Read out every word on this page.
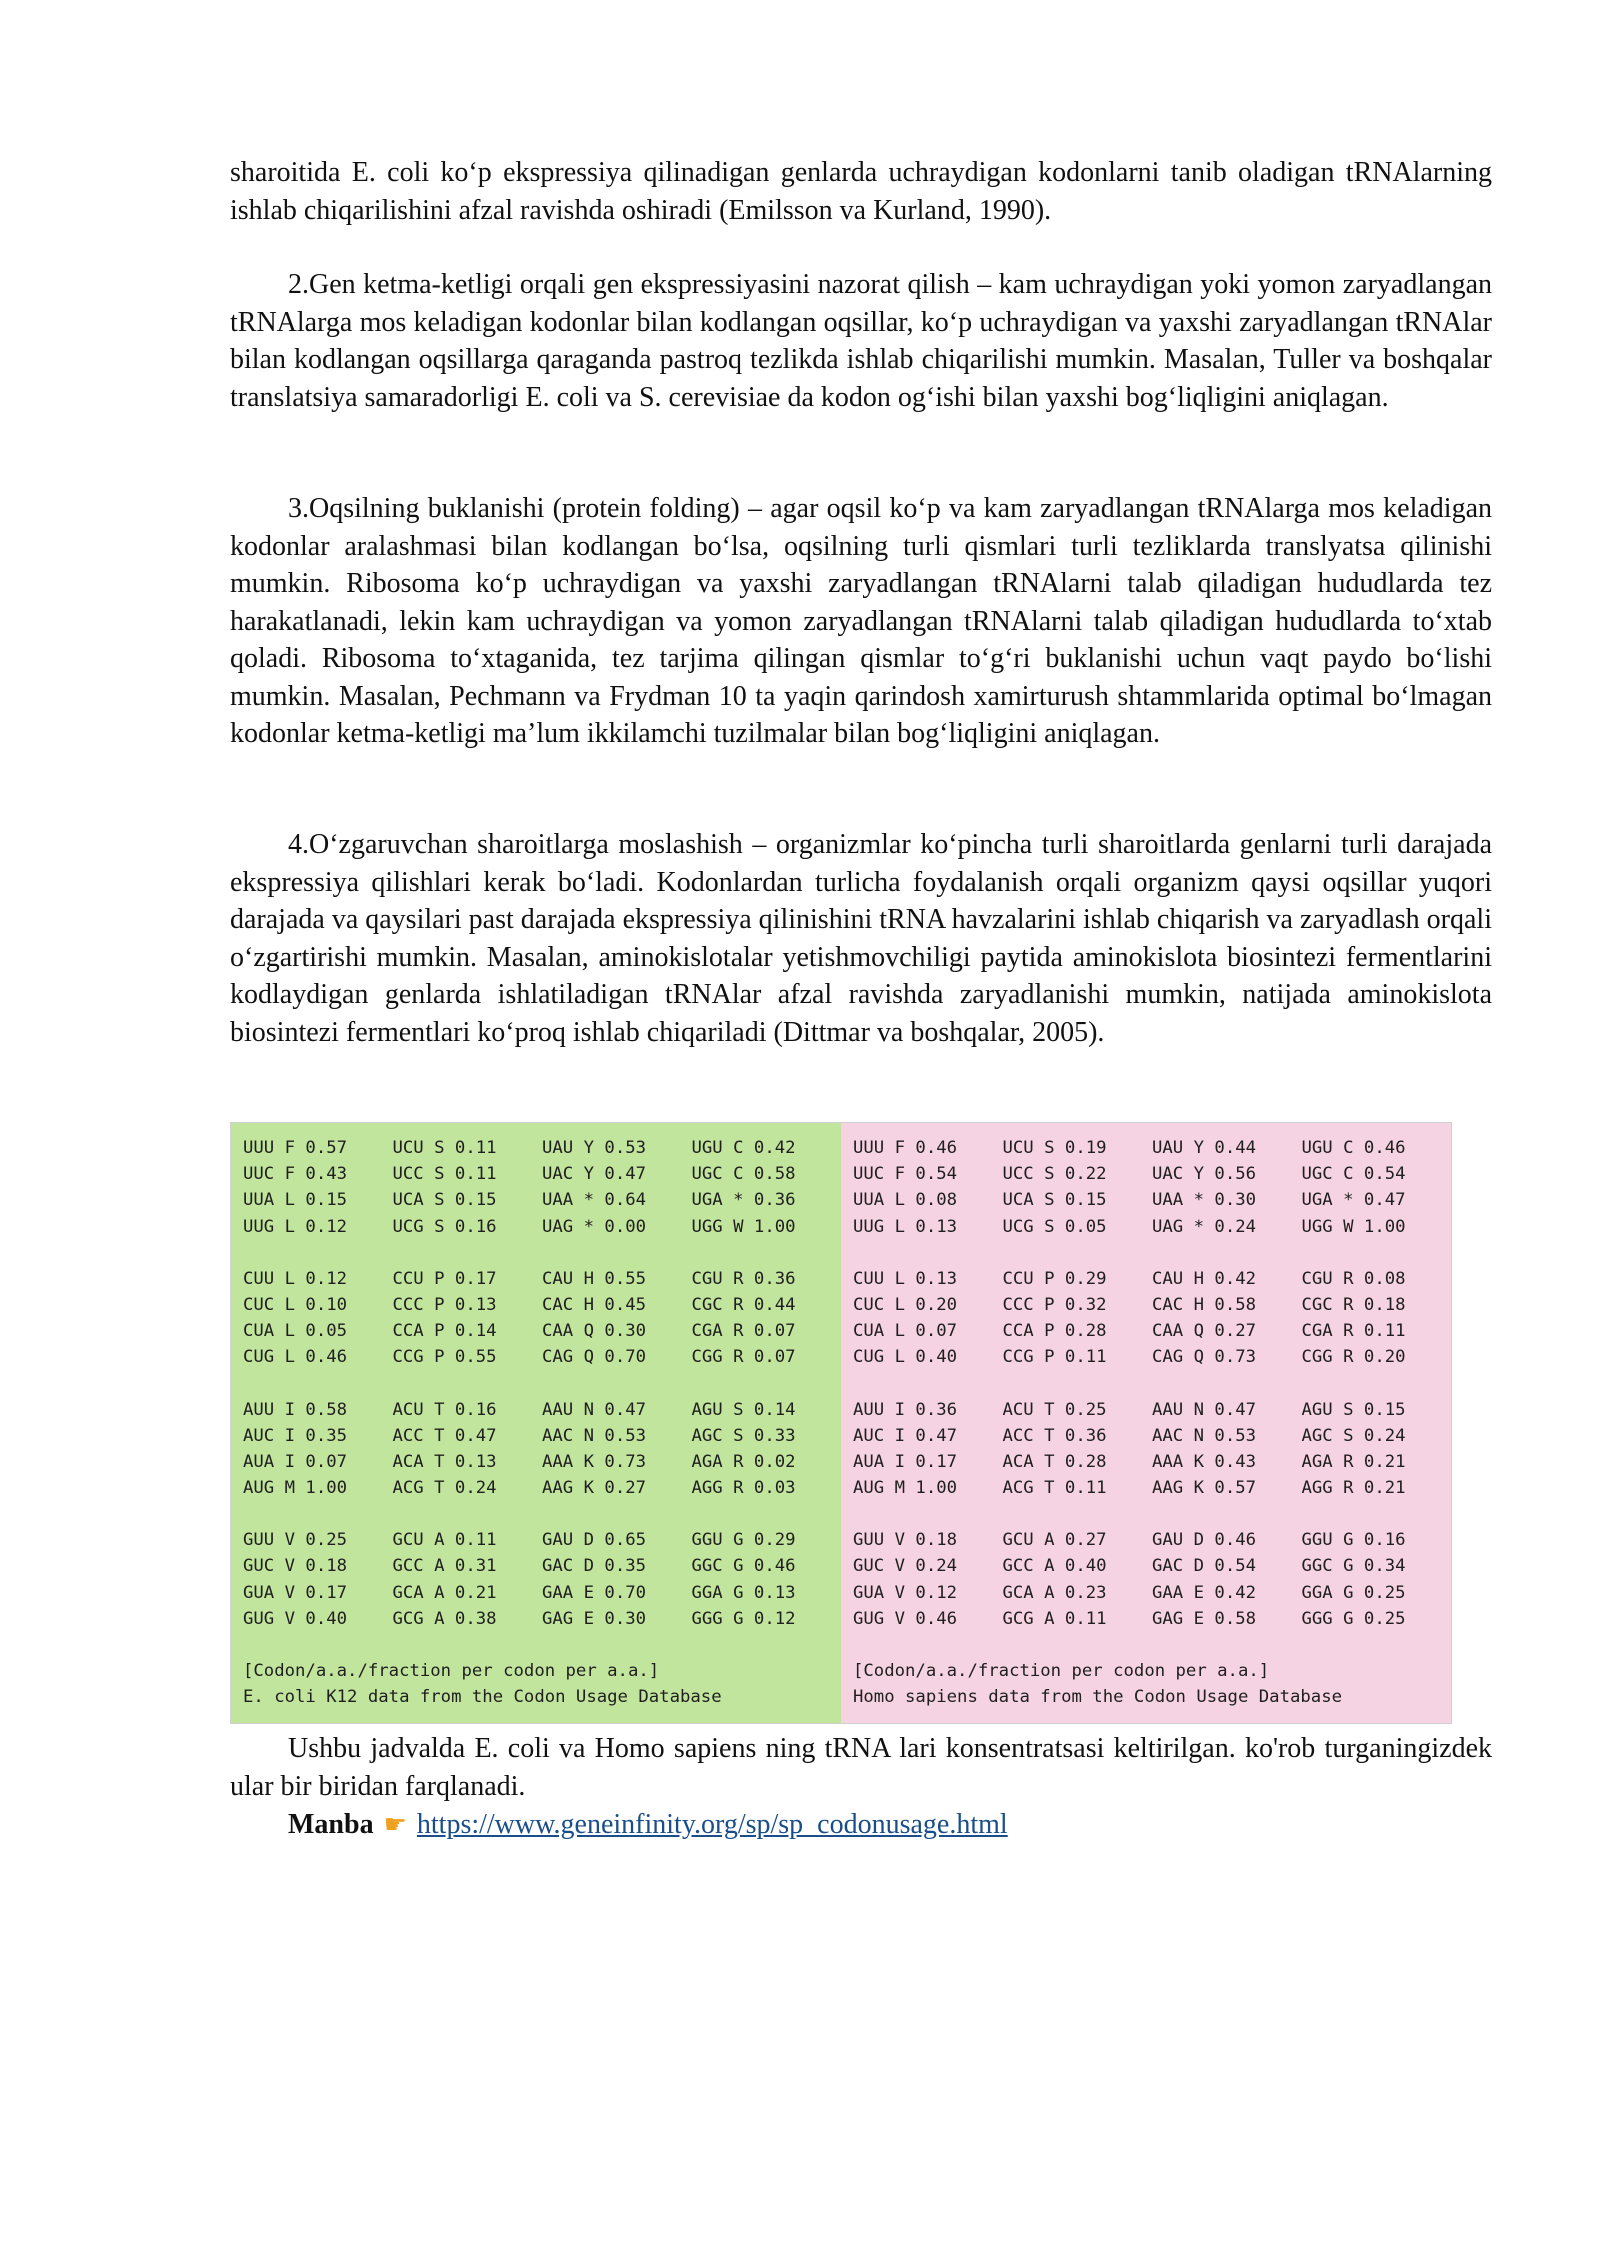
sharoitida E. coli ko‘p ekspressiya qilinadigan genlarda uchraydigan kodonlarni tanib oladigan tRNAlarning ishlab chiqarilishini afzal ravishda oshiradi (Emilsson va Kurland, 1990).

2.Gen ketma-ketligi orqali gen ekspressiyasini nazorat qilish – kam uchraydigan yoki yomon zaryadlangan tRNAlarga mos keladigan kodonlar bilan kodlangan oqsillar, ko‘p uchraydigan va yaxshi zaryadlangan tRNAlar bilan kodlangan oqsillarga qaraganda pastroq tezlikda ishlab chiqarilishi mumkin. Masalan, Tuller va boshqalar translatsiya samaradorligi E. coli va S. cerevisiae da kodon og‘ishi bilan yaxshi bog‘liqligini aniqlagan.

3.Oqsilning buklanishi (protein folding) – agar oqsil ko‘p va kam zaryadlangan tRNAlarga mos keladigan kodonlar aralashmasi bilan kodlangan bo‘lsa, oqsilning turli qismlari turli tezliklarda translyatsa qilinishi mumkin. Ribosoma ko‘p uchraydigan va yaxshi zaryadlangan tRNAlarni talab qiladigan hududlarda tez harakatlanadi, lekin kam uchraydigan va yomon zaryadlangan tRNAlarni talab qiladigan hududlarda to‘xtab qoladi. Ribosoma to‘xtaganida, tez tarjima qilingan qismlar to‘g‘ri buklanishi uchun vaqt paydo bo‘lishi mumkin. Masalan, Pechmann va Frydman 10 ta yaqin qarindosh xamirturush shtammlarida optimal bo‘lmagan kodonlar ketma-ketligi ma’lum ikkilamchi tuzilmalar bilan bog‘liqligini aniqlagan.

4.O‘zgaruvchan sharoitlarga moslashish – organizmlar ko‘pincha turli sharoitlarda genlarni turli darajada ekspressiya qilishlari kerak bo‘ladi. Kodonlardan turlicha foydalanish orqali organizm qaysi oqsillar yuqori darajada va qaysilari past darajada ekspressiya qilinishini tRNA havzalarini ishlab chiqarish va zaryadlash orqali o‘zgartirishi mumkin. Masalan, aminokislotalar yetishmovchiligi paytida aminokislota biosintezi fermentlarini kodlaydigan genlarda ishlatiladigan tRNAlar afzal ravishda zaryadlanishi mumkin, natijada aminokislota biosintezi fermentlari ko‘proq ishlab chiqariladi (Dittmar va boshqalar, 2005).

UUU F 0.57
UUC F 0.43
UUA L 0.15
UUG L 0.12
UCU S 0.11
UCC S 0.11
UCA S 0.15
UCG S 0.16
UAU Y 0.53
UAC Y 0.47
UAA * 0.64
UAG * 0.00
UGU C 0.42
UGC C 0.58
UGA * 0.36
UGG W 1.00
CUU L 0.12
CUC L 0.10
CUA L 0.05
CUG L 0.46
CCU P 0.17
CCC P 0.13
CCA P 0.14
CCG P 0.55
CAU H 0.55
CAC H 0.45
CAA Q 0.30
CAG Q 0.70
CGU R 0.36
CGC R 0.44
CGA R 0.07
CGG R 0.07
AUU I 0.58
AUC I 0.35
AUA I 0.07
AUG M 1.00
ACU T 0.16
ACC T 0.47
ACA T 0.13
ACG T 0.24
AAU N 0.47
AAC N 0.53
AAA K 0.73
AAG K 0.27
AGU S 0.14
AGC S 0.33
AGA R 0.02
AGG R 0.03
GUU V 0.25
GUC V 0.18
GUA V 0.17
GUG V 0.40
GCU A 0.11
GCC A 0.31
GCA A 0.21
GCG A 0.38
GAU D 0.65
GAC D 0.35
GAA E 0.70
GAG E 0.30
GGU G 0.29
GGC G 0.46
GGA G 0.13
GGG G 0.12
[Codon/a.a./fraction per codon per a.a.]
E. coli K12 data from the Codon Usage Database
UUU F 0.46
UUC F 0.54
UUA L 0.08
UUG L 0.13
UCU S 0.19
UCC S 0.22
UCA S 0.15
UCG S 0.05
UAU Y 0.44
UAC Y 0.56
UAA * 0.30
UAG * 0.24
UGU C 0.46
UGC C 0.54
UGA * 0.47
UGG W 1.00
CUU L 0.13
CUC L 0.20
CUA L 0.07
CUG L 0.40
CCU P 0.29
CCC P 0.32
CCA P 0.28
CCG P 0.11
CAU H 0.42
CAC H 0.58
CAA Q 0.27
CAG Q 0.73
CGU R 0.08
CGC R 0.18
CGA R 0.11
CGG R 0.20
AUU I 0.36
AUC I 0.47
AUA I 0.17
AUG M 1.00
ACU T 0.25
ACC T 0.36
ACA T 0.28
ACG T 0.11
AAU N 0.47
AAC N 0.53
AAA K 0.43
AAG K 0.57
AGU S 0.15
AGC S 0.24
AGA R 0.21
AGG R 0.21
GUU V 0.18
GUC V 0.24
GUA V 0.12
GUG V 0.46
GCU A 0.27
GCC A 0.40
GCA A 0.23
GCG A 0.11
GAU D 0.46
GAC D 0.54
GAA E 0.42
GAG E 0.58
GGU G 0.16
GGC G 0.34
GGA G 0.25
GGG G 0.25
[Codon/a.a./fraction per codon per a.a.]
Homo sapiens data from the Codon Usage Database
Ushbu jadvalda E. coli va Homo sapiens ning tRNA lari konsentratsasi keltirilgan. ko'rob turganingizdek ular bir biridan farqlanadi.
Manba ☛ https://www.geneinfinity.org/sp/sp_codonusage.html
